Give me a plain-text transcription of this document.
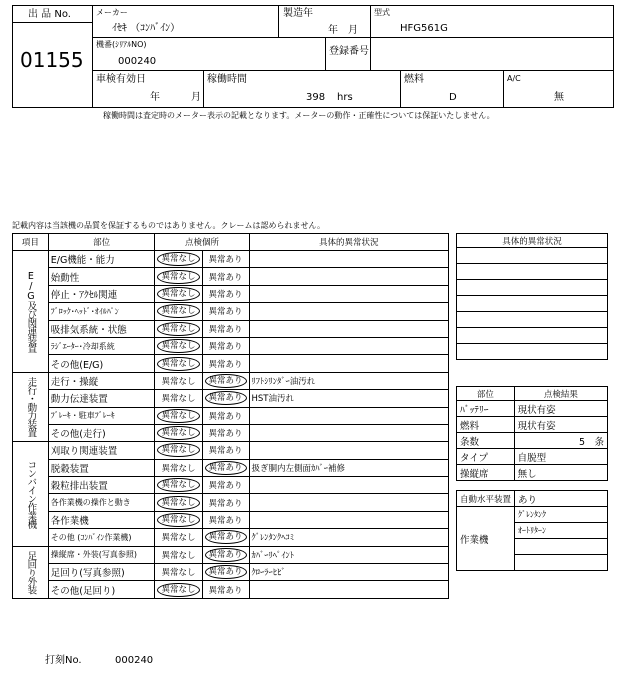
出 品 No.
01155
メーカー
ｲｾｷ （ｺﾝﾊﾞｲﾝ）
製造年
年　月
型式
HFG561G
機番(ｼﾘｱﾙNO)
000240
登録番号
車検有効日
年	月
稼働時間
398 hrs
燃料
D
A/C
無
稼働時間は査定時のメーター表示の記載となります。メーターの動作・正確性については保証いたしません。
記載内容は当該機の品質を保証するものではありません。クレームは認められません。
項目	部位	点検個所		具体的異常状況
E/G及び関連装置	E/G機能・能力	異常なし	異常あり	
	始動性	異常なし	異常あり	
	停止・ｱｸｾﾙ関連	異常なし	異常あり	
	ﾌﾞﾛｯｸ･ﾍｯﾄﾞ･ｵｲﾙﾊﾟﾝ	異常なし	異常あり	
	吸排気系統・状態	異常なし	異常あり	
	ﾗｼﾞｴｰﾀｰ･冷却系統	異常なし	異常あり	
	その他(E/G)	異常なし	異常あり	
走行・動力装置	走行・操縦	異常なし	異常あり	ﾘﾌﾄｼﾘﾝﾀﾞｰ油汚れ
	動力伝達装置	異常なし	異常あり	HST油汚れ
	ﾌﾞﾚｰｷ・駐車ﾌﾞﾚｰｷ	異常なし	異常あり	
	その他(走行)	異常なし	異常あり	
コンバイン作業機	刈取り関連装置	異常なし	異常あり	
	脱穀装置	異常なし	異常あり	扱ぎ胴内左側面ｶﾊﾞｰ補修
	穀粒排出装置	異常なし	異常あり	
	各作業機の操作と動き	異常なし	異常あり	
	各作業機	異常なし	異常あり	
	その他 (ｺﾝﾊﾞｲﾝ作業機)	異常なし	異常あり	ｸﾞﾚﾝﾀﾝｸﾍｺﾐ
足回り外装	操縦席・外装(写真参照)	異常なし	異常あり	ｶﾊﾞｰﾘﾍﾟｲﾝﾄ
	足回り(写真参照)	異常なし	異常あり	ｸﾛｰﾗｰﾋﾋﾞ
	その他(足回り)	異常なし	異常あり	
具体的異常状況

部位	点検結果
ﾊﾞｯﾃﾘｰ	現状有姿
燃料	現状有姿
条数	5　条
タイプ	自脱型
操縦席	無し
自動水平装置	あり
作業機	ｸﾞﾚﾝﾀﾝｸ
	ｵｰﾄﾘﾀｰﾝ

打刻No.	000240
